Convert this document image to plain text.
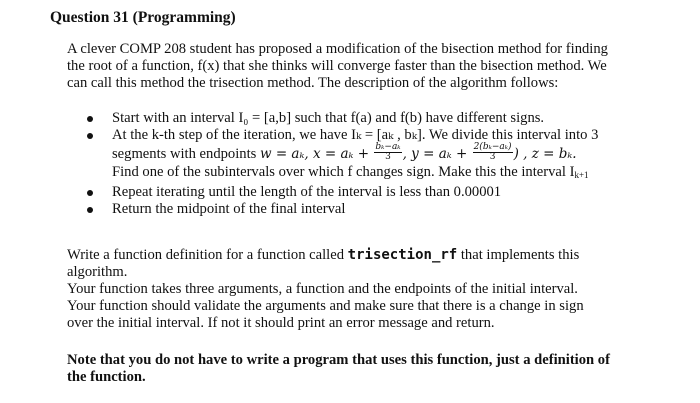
Question 31 (Programming)
A clever COMP 208 student has proposed a modification of the bisection method for finding
the root of a function, f(x) that she thinks will converge faster than the bisection method. We
can call this method the trisection method. The description of the algorithm follows:
Start with an interval I₀ = [a,b] such that f(a) and f(b) have different signs.
At the k-th step of the iteration, we have Iₖ = [aₖ , bₖ]. We divide this interval into 3
segments with endpoints w = aₖ, $x = a_k + \frac{\text{bₖ−aₖ}}{3}$ , $y = a_k + \frac{\text{2(bₖ−aₖ)}}{3}$ ) , z = bₖ.
Find one of the subintervals over which f changes sign. Make this the interval $I_{k+1}$
Repeat iterating until the length of the interval is less than 0.00001
Return the midpoint of the final interval
Write a function definition for a function called trisection_rf that implements this
algorithm.
Your function takes three arguments, a function and the endpoints of the initial interval.
Your function should validate the arguments and make sure that there is a change in sign
over the initial interval. If not it should print an error message and return.
Note that you do not have to write a program that uses this function, just a definition of
the function.
